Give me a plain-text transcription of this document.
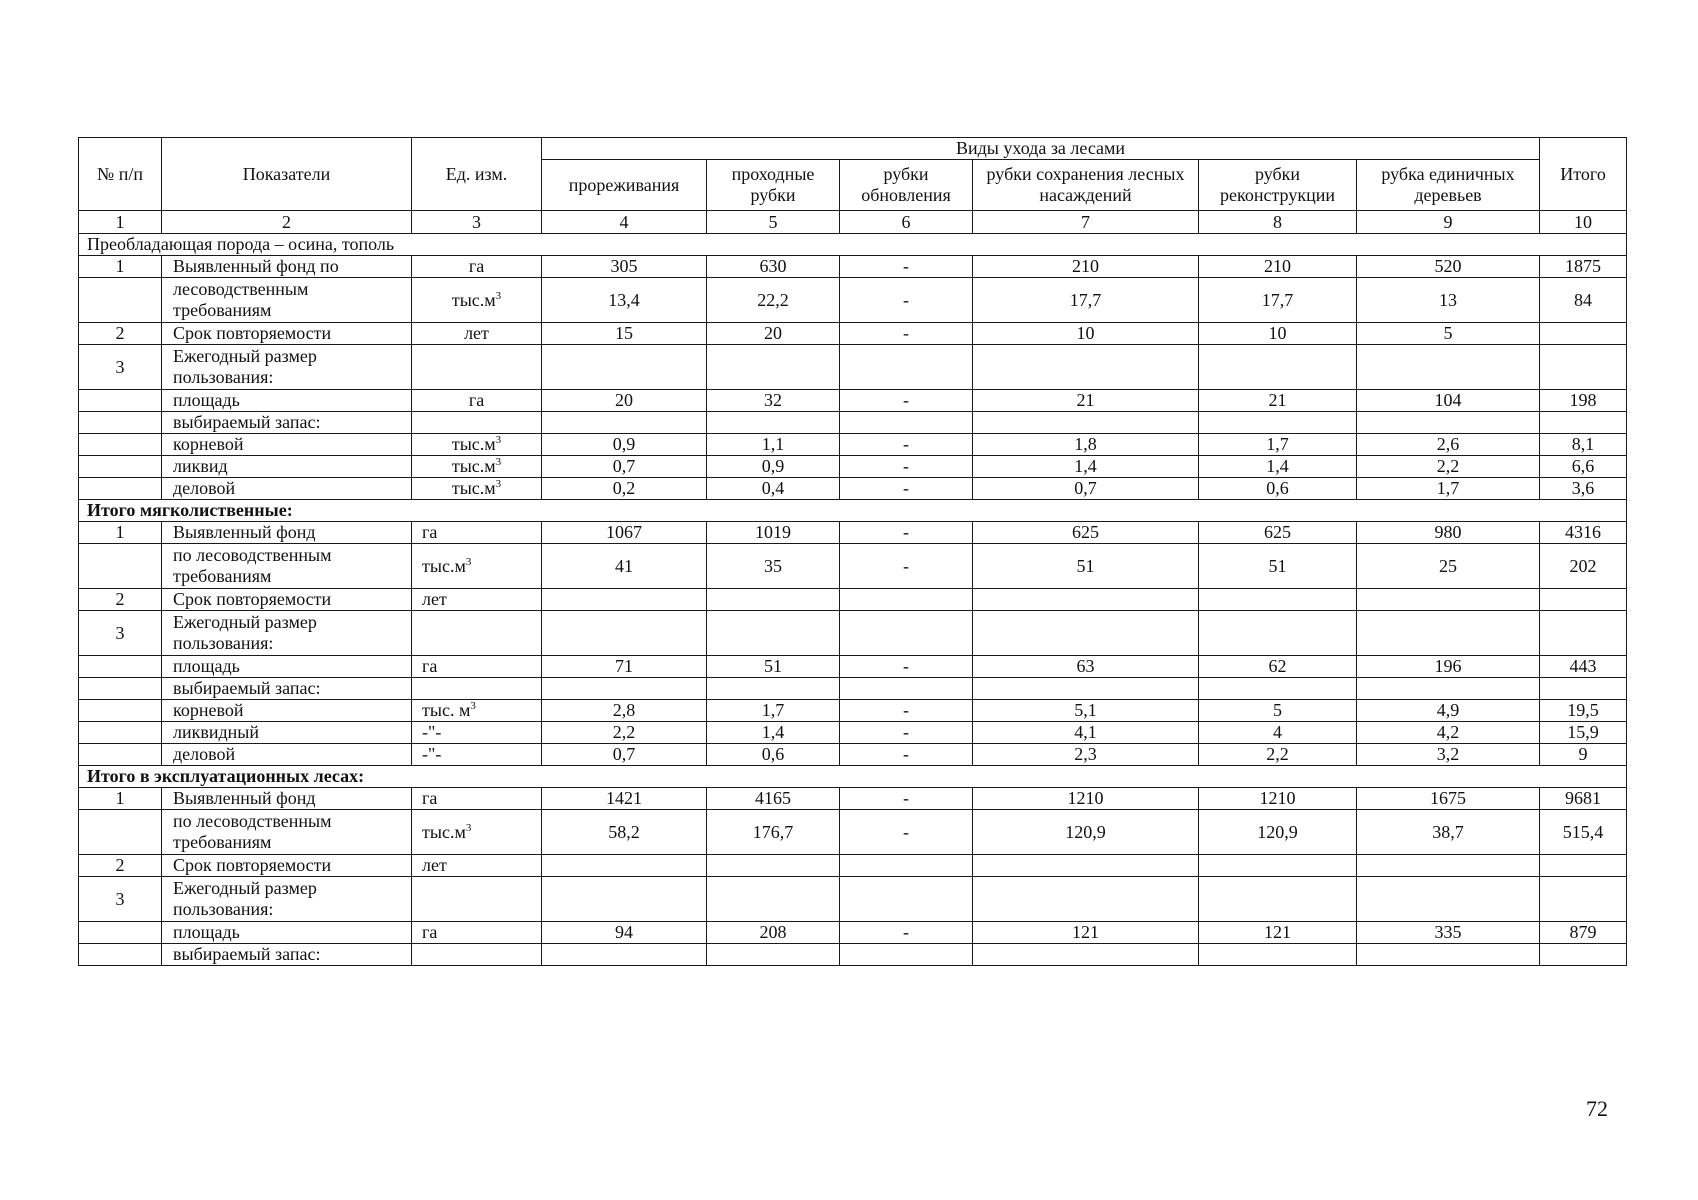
№ п/п	Показатели	Ед. изм.	Виды ухода за лесами						Итого
			прореживания	проходные рубки	рубки обновления	рубки сохранения лесных насаждений	рубки реконструкции	рубка единичных деревьев	
1	2	3	4	5	6	7	8	9	10
Преобладающая порода – осина, тополь									
1	Выявленный фонд по	га	305	630	-	210	210	520	1875
	лесоводственным требованиям	$тыс.м^3$	13,4	22,2	-	17,7	17,7	13	84
2	Срок повторяемости	лет	15	20	-	10	10	5	
3	Ежегодный размер пользования:								
	площадь	га	20	32	-	21	21	104	198
	выбираемый запас:								
	корневой	$тыс.м^3$	0,9	1,1	-	1,8	1,7	2,6	8,1
	ликвид	$тыс.м^3$	0,7	0,9	-	1,4	1,4	2,2	6,6
	деловой	$тыс.м^3$	0,2	0,4	-	0,7	0,6	1,7	3,6
Итого мягколиственные:									
1	Выявленный фонд	га	1067	1019	-	625	625	980	4316
	по лесоводственным требованиям	$тыс.м^3$	41	35	-	51	51	25	202
2	Срок повторяемости	лет							
3	Ежегодный размер пользования:								
	площадь	га	71	51	-	63	62	196	443
	выбираемый запас:								
	корневой	тыс. $м^3$	2,8	1,7	-	5,1	5	4,9	19,5
	ликвидный	-"-	2,2	1,4	-	4,1	4	4,2	15,9
	деловой	-"-	0,7	0,6	-	2,3	2,2	3,2	9
Итого в эксплуатационных лесах:									
1	Выявленный фонд	га	1421	4165	-	1210	1210	1675	9681
	по лесоводственным требованиям	$тыс.м^3$	58,2	176,7	-	120,9	120,9	38,7	515,4
2	Срок повторяемости	лет							
3	Ежегодный размер пользования:								
	площадь	га	94	208	-	121	121	335	879
	выбираемый запас:								
72
